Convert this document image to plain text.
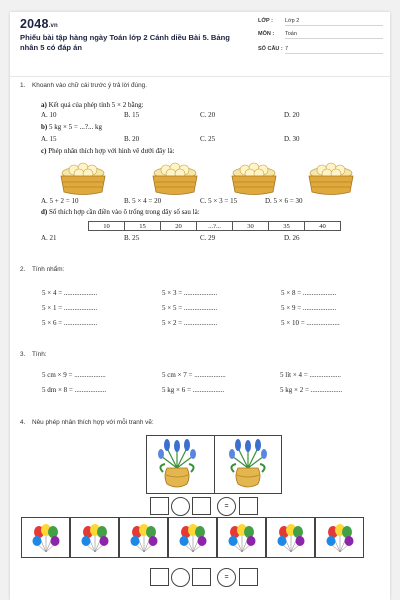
2048.vn
Phiếu bài tập hàng ngày Toán lớp 2 Cánh diều Bài 5. Bảng nhân 5 có đáp án
LỚP : Lớp 2
MÔN : Toán
SỐ CÂU : 7
1. Khoanh vào chữ cái trước ý trả lời đúng.
a) Kết quả của phép tính 5 × 2 bằng:
A. 10	B. 15	C. 20	D. 20
b) 5 kg × 5 = ...?... kg
A. 15	B. 20	C. 25	D. 30
c) Phép nhân thích hợp với hình vẽ dưới đây là:
A. 5 + 2 = 10	B. 5 × 4 = 20	C. 5 × 3 = 15	D. 5 × 6 = 30
d) Số thích hợp cần điền vào ô trống trong dãy số sau là:
10	15	20	...?...	30	35	40
A. 21	B. 25	C. 29	D. 26
2. Tính nhẩm:
5 × 4 = ...................	5 × 3 = ...................	5 × 8 = ...................
5 × 1 = ...................	5 × 5 = ...................	5 × 9 = ...................
5 × 6 = ...................	5 × 2 = ...................	5 × 10 = ...................
3. Tính:
5 cm × 9 = ..................	5 cm × 7 = ..................	5 lít × 4 = ..................
5 dm × 8 = ..................	5 kg × 6 = ..................	5 kg × 2 = ..................
4. Nêu phép nhân thích hợp với mỗi tranh vẽ:
=
=
